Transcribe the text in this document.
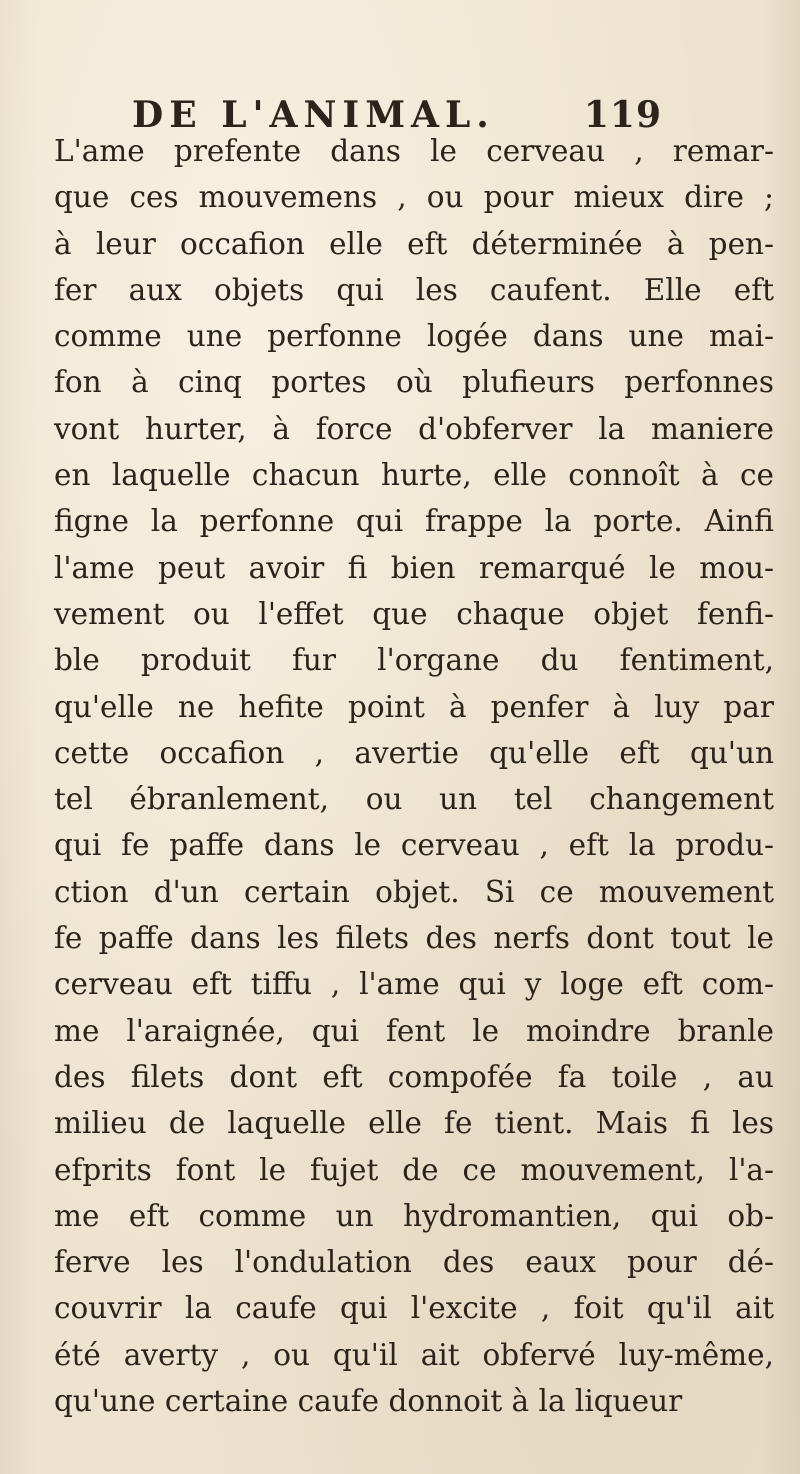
DE L'ANIMAL. 119
L'ame prefente dans le cerveau , remar-
que ces mouvemens , ou pour mieux dire ;
à leur occafion elle eft déterminée à pen-
fer aux objets qui les caufent. Elle eft
comme une perfonne logée dans une mai-
fon à cinq portes où plufieurs perfonnes
vont hurter, à force d'obferver la maniere
en laquelle chacun hurte, elle connoît à ce
figne la perfonne qui frappe la porte. Ainfi
l'ame peut avoir fi bien remarqué le mou-
vement ou l'effet que chaque objet fenfi-
ble produit fur l'organe du fentiment,
qu'elle ne hefite point à penfer à luy par
cette occafion , avertie qu'elle eft qu'un
tel ébranlement, ou un tel changement
qui fe paffe dans le cerveau , eft la produ-
ction d'un certain objet. Si ce mouvement
fe paffe dans les filets des nerfs dont tout le
cerveau eft tiffu , l'ame qui y loge eft com-
me l'araignée, qui fent le moindre branle
des filets dont eft compofée fa toile , au
milieu de laquelle elle fe tient. Mais fi les
efprits font le fujet de ce mouvement, l'a-
me eft comme un hydromantien, qui ob-
ferve les l'ondulation des eaux pour dé-
couvrir la caufe qui l'excite , foit qu'il ait
été averty , ou qu'il ait obfervé luy-même,
qu'une certaine caufe donnoit à la liqueur
